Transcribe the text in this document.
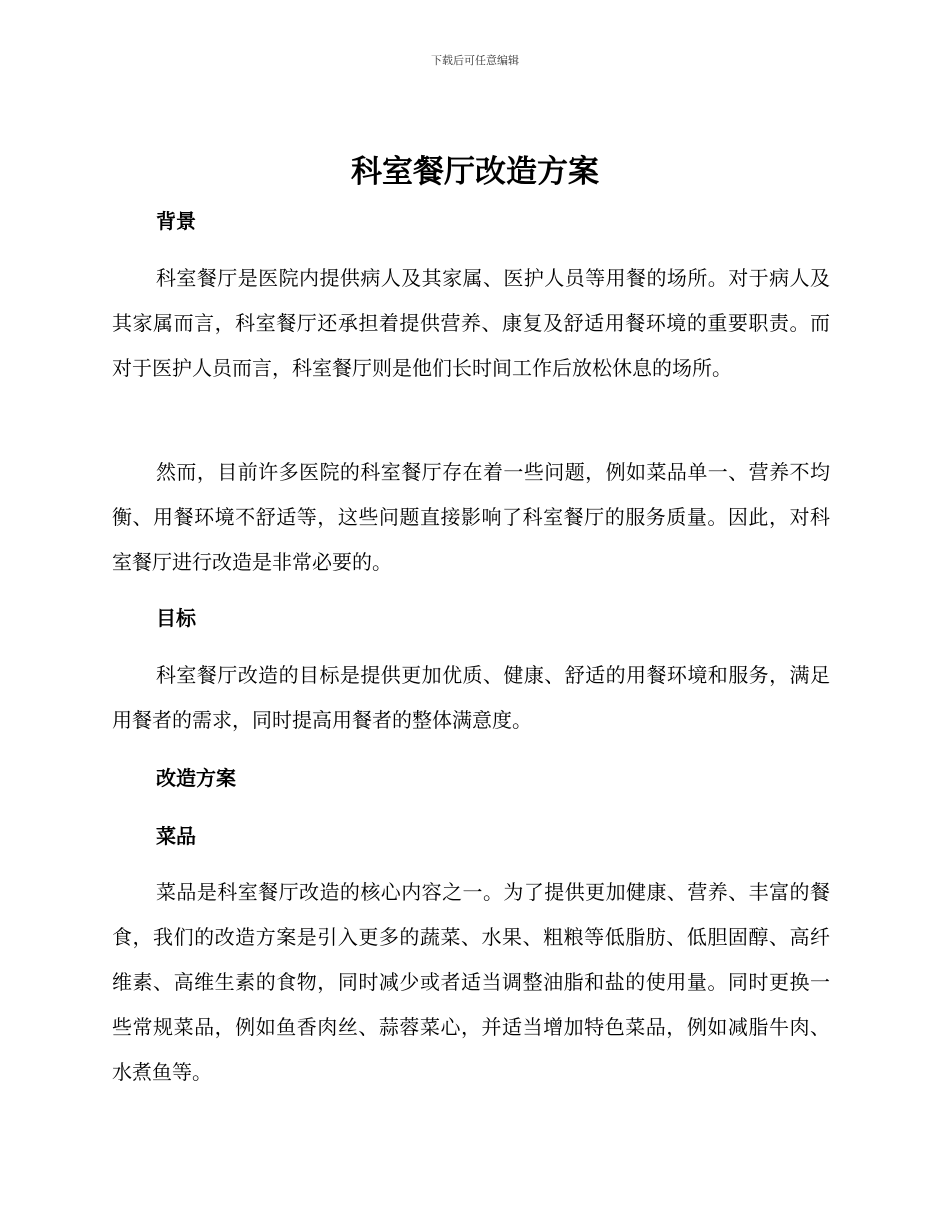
下载后可任意编辑
科室餐厅改造方案
背景

科室餐厅是医院内提供病人及其家属、医护人员等用餐的场所。对于病人及其家属而言，科室餐厅还承担着提供营养、康复及舒适用餐环境的重要职责。而对于医护人员而言，科室餐厅则是他们长时间工作后放松休息的场所。

然而，目前许多医院的科室餐厅存在着一些问题，例如菜品单一、营养不均衡、用餐环境不舒适等，这些问题直接影响了科室餐厅的服务质量。因此，对科室餐厅进行改造是非常必要的。

目标

科室餐厅改造的目标是提供更加优质、健康、舒适的用餐环境和服务，满足用餐者的需求，同时提高用餐者的整体满意度。

改造方案
菜品

菜品是科室餐厅改造的核心内容之一。为了提供更加健康、营养、丰富的餐食，我们的改造方案是引入更多的蔬菜、水果、粗粮等低脂肪、低胆固醇、高纤维素、高维生素的食物，同时减少或者适当调整油脂和盐的使用量。同时更换一些常规菜品，例如鱼香肉丝、蒜蓉菜心，并适当增加特色菜品，例如减脂牛肉、水煮鱼等。
